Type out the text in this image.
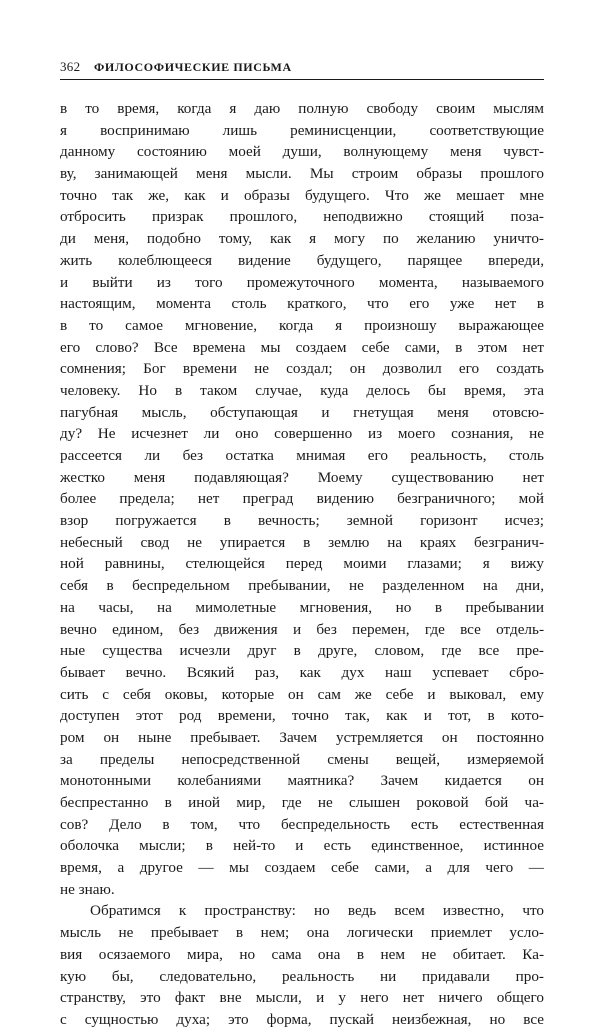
362 ФИЛОСОФИЧЕСКИЕ ПИСЬМА
в то время, когда я даю полную свободу своим мыслям
я воспринимаю лишь реминисценции, соответствующие
данному состоянию моей души, волнующему меня чувст-
ву, занимающей меня мысли. Мы строим образы прошлого
точно так же, как и образы будущего. Что же мешает мне
отбросить призрак прошлого, неподвижно стоящий поза-
ди меня, подобно тому, как я могу по желанию уничто-
жить колеблющееся видение будущего, парящее впереди,
и выйти из того промежуточного момента, называемого
настоящим, момента столь краткого, что его уже нет в
в то самое мгновение, когда я произношу выражающее
его слово? Все времена мы создаем себе сами, в этом нет
сомнения; Бог времени не создал; он дозволил его создать
человеку. Но в таком случае, куда делось бы время, эта
пагубная мысль, обступающая и гнетущая меня отовсю-
ду? Не исчезнет ли оно совершенно из моего сознания, не
рассеется ли без остатка мнимая его реальность, столь
жестко меня подавляющая? Моему существованию нет
более предела; нет преград видению безграничного; мой
взор погружается в вечность; земной горизонт исчез;
небесный свод не упирается в землю на краях безгранич-
ной равнины, стелющейся перед моими глазами; я вижу
себя в беспредельном пребывании, не разделенном на дни,
на часы, на мимолетные мгновения, но в пребывании
вечно едином, без движения и без перемен, где все отдель-
ные существа исчезли друг в друге, словом, где все пре-
бывает вечно. Всякий раз, как дух наш успевает сбро-
сить с себя оковы, которые он сам же себе и выковал, ему
доступен этот род времени, точно так, как и тот, в кото-
ром он ныне пребывает. Зачем устремляется он постоянно
за пределы непосредственной смены вещей, измеряемой
монотонными колебаниями маятника? Зачем кидается он
беспрестанно в иной мир, где не слышен роковой бой ча-
сов? Дело в том, что беспредельность есть естественная
оболочка мысли; в ней-то и есть единственное, истинное
время, а другое — мы создаем себе сами, а для чего —
не знаю.
Обратимся к пространству: но ведь всем известно, что
мысль не пребывает в нем; она логически приемлет усло-
вия осязаемого мира, но сама она в нем не обитает. Ка-
кую бы, следовательно, реальность ни придавали про-
странству, это факт вне мысли, и у него нет ничего общего
с сущностью духа; это форма, пускай неизбежная, но все
